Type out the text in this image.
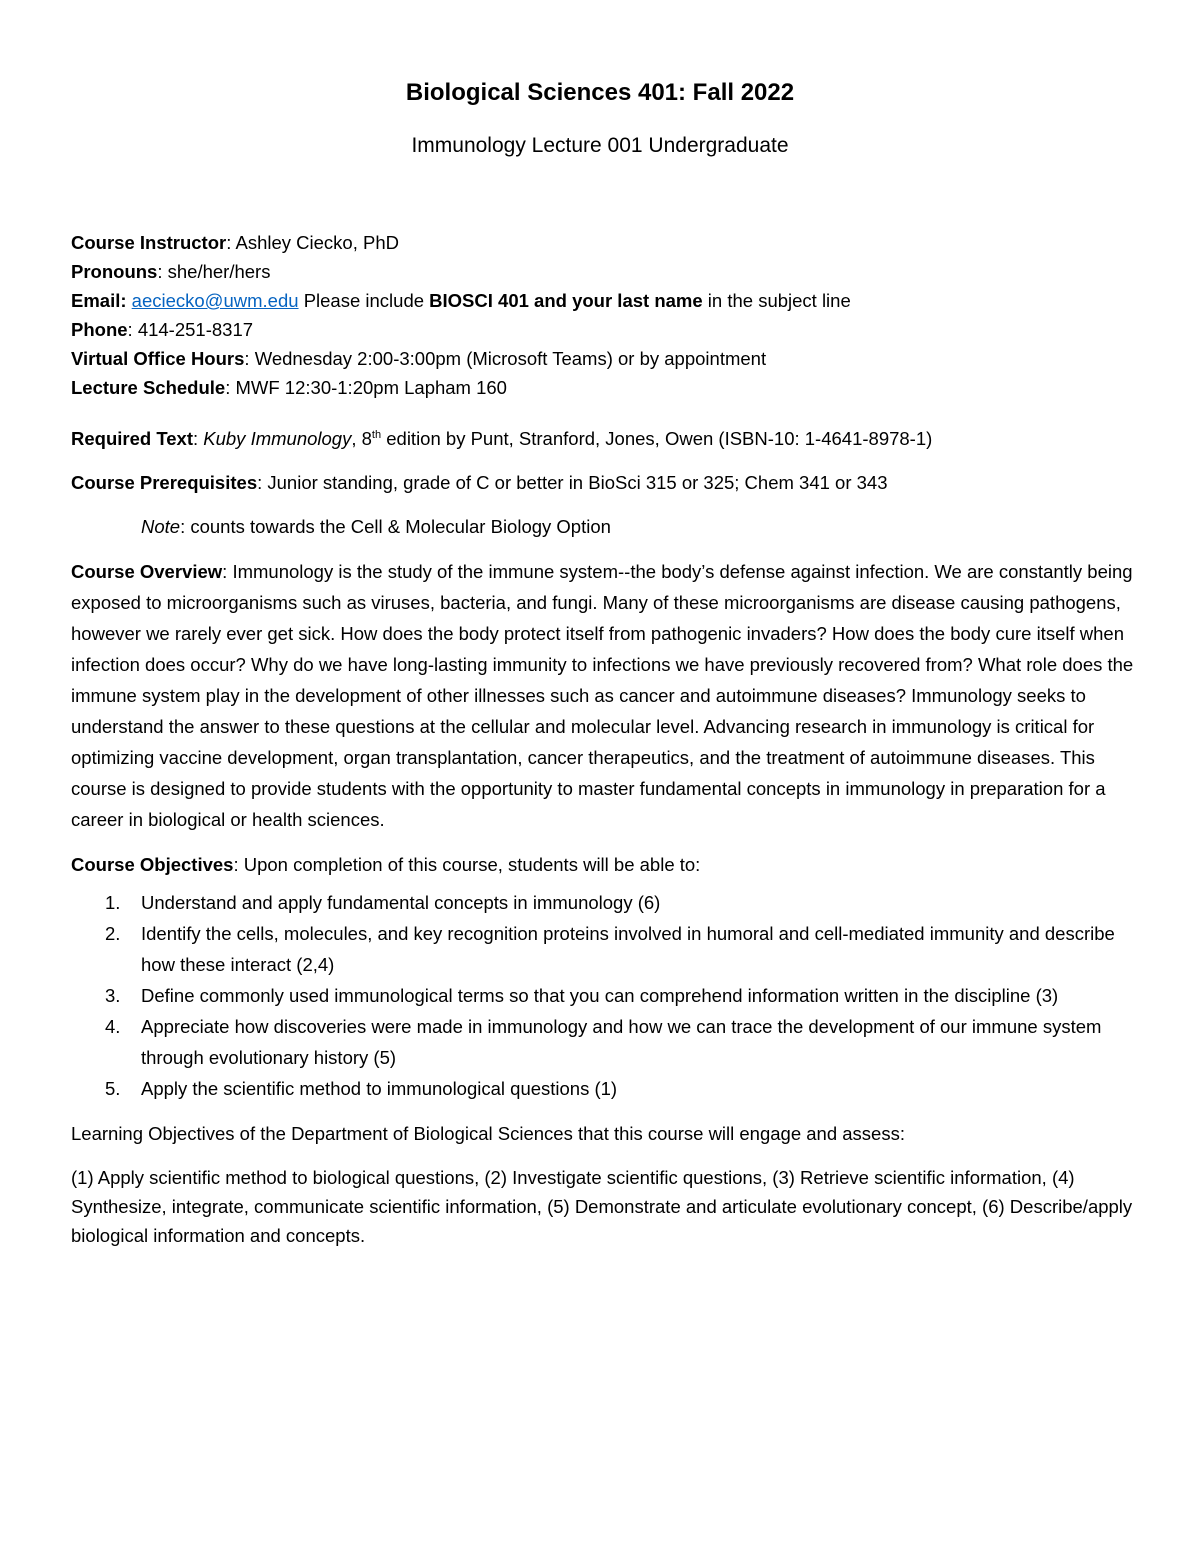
Biological Sciences 401: Fall 2022
Immunology Lecture 001 Undergraduate
Course Instructor: Ashley Ciecko, PhD
Pronouns: she/her/hers
Email: aeciecko@uwm.edu Please include BIOSCI 401 and your last name in the subject line
Phone: 414-251-8317
Virtual Office Hours: Wednesday 2:00-3:00pm (Microsoft Teams) or by appointment
Lecture Schedule: MWF 12:30-1:20pm Lapham 160

Required Text: Kuby Immunology, 8th edition by Punt, Stranford, Jones, Owen (ISBN-10: 1-4641-8978-1)

Course Prerequisites: Junior standing, grade of C or better in BioSci 315 or 325; Chem 341 or 343

Note: counts towards the Cell & Molecular Biology Option

Course Overview: Immunology is the study of the immune system--the body’s defense against infection. We are constantly being exposed to microorganisms such as viruses, bacteria, and fungi. Many of these microorganisms are disease causing pathogens, however we rarely ever get sick. How does the body protect itself from pathogenic invaders? How does the body cure itself when infection does occur? Why do we have long-lasting immunity to infections we have previously recovered from? What role does the immune system play in the development of other illnesses such as cancer and autoimmune diseases? Immunology seeks to understand the answer to these questions at the cellular and molecular level. Advancing research in immunology is critical for optimizing vaccine development, organ transplantation, cancer therapeutics, and the treatment of autoimmune diseases. This course is designed to provide students with the opportunity to master fundamental concepts in immunology in preparation for a career in biological or health sciences.

Course Objectives: Upon completion of this course, students will be able to:

1. Understand and apply fundamental concepts in immunology (6)
2. Identify the cells, molecules, and key recognition proteins involved in humoral and cell-mediated immunity and describe how these interact (2,4)
3. Define commonly used immunological terms so that you can comprehend information written in the discipline (3)
4. Appreciate how discoveries were made in immunology and how we can trace the development of our immune system through evolutionary history (5)
5. Apply the scientific method to immunological questions (1)

Learning Objectives of the Department of Biological Sciences that this course will engage and assess:

(1) Apply scientific method to biological questions, (2) Investigate scientific questions, (3) Retrieve scientific information, (4) Synthesize, integrate, communicate scientific information, (5) Demonstrate and articulate evolutionary concept, (6) Describe/apply biological information and concepts.
